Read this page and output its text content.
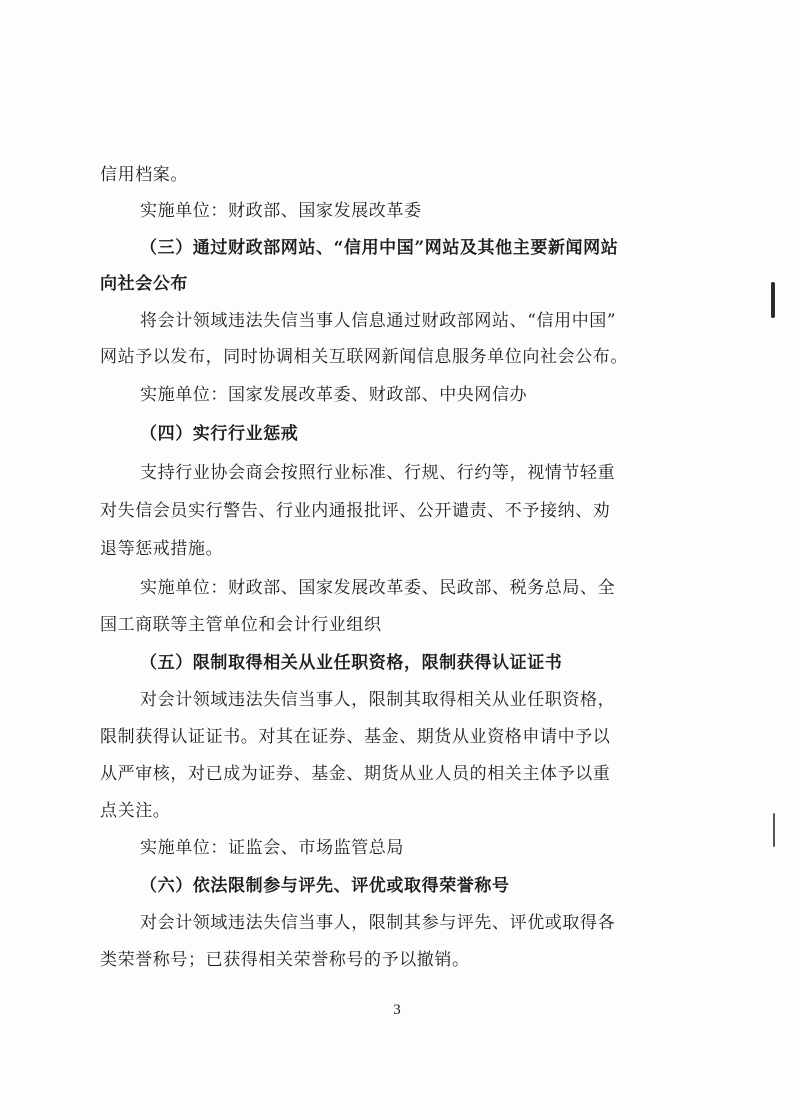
信用档案。
实施单位：财政部、国家发展改革委
（三）通过财政部网站、“信用中国”网站及其他主要新闻网站
向社会公布
将会计领域违法失信当事人信息通过财政部网站、“信用中国”
网站予以发布，同时协调相关互联网新闻信息服务单位向社会公布。
实施单位：国家发展改革委、财政部、中央网信办
（四）实行行业惩戒
支持行业协会商会按照行业标准、行规、行约等，视情节轻重
对失信会员实行警告、行业内通报批评、公开谴责、不予接纳、劝
退等惩戒措施。
实施单位：财政部、国家发展改革委、民政部、税务总局、全
国工商联等主管单位和会计行业组织
（五）限制取得相关从业任职资格，限制获得认证证书
对会计领域违法失信当事人，限制其取得相关从业任职资格，
限制获得认证证书。对其在证券、基金、期货从业资格申请中予以
从严审核，对已成为证券、基金、期货从业人员的相关主体予以重
点关注。
实施单位：证监会、市场监管总局
（六）依法限制参与评先、评优或取得荣誉称号
对会计领域违法失信当事人，限制其参与评先、评优或取得各
类荣誉称号；已获得相关荣誉称号的予以撤销。
3
